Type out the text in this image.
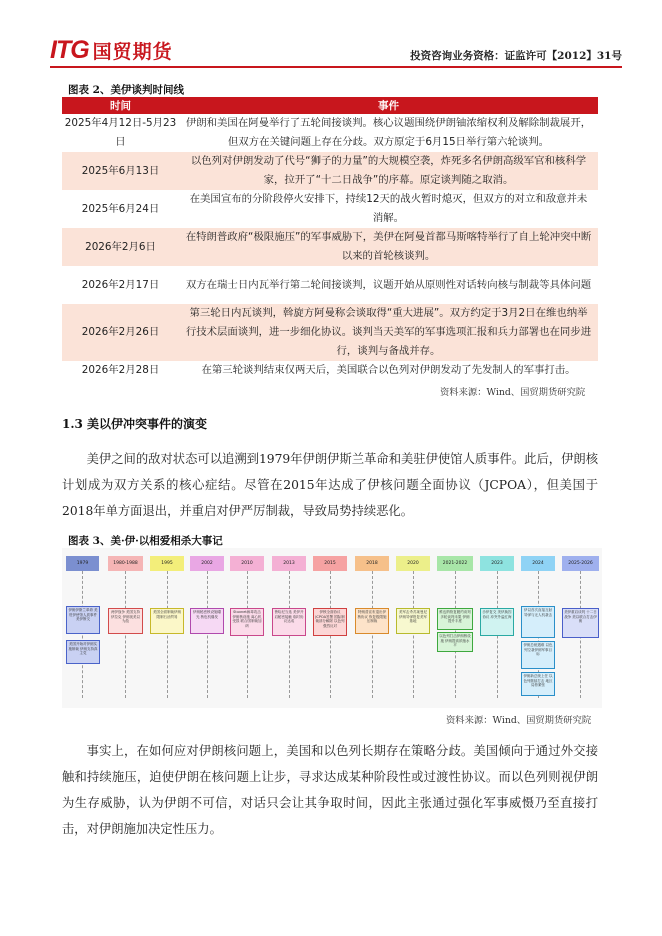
ITG 国贸期货	投资咨询业务资格：证监许可【2012】31号
图表 2、美伊谈判时间线
时间	事件
2025年4月12日-5月23日	伊朗和美国在阿曼举行了五轮间接谈判。核心议题围绕伊朗铀浓缩权利及解除制裁展开，但双方在关键问题上存在分歧。双方原定于6月15日举行第六轮谈判。
2025年6月13日	以色列对伊朗发动了代号“狮子的力量”的大规模空袭，炸死多名伊朗高级军官和核科学家，拉开了“十二日战争”的序幕。原定谈判随之取消。
2025年6月24日	在美国宣布的分阶段停火安排下，持续12天的战火暂时熄灭，但双方的对立和敌意并未消解。
2026年2月6日	在特朗普政府“极限施压”的军事威胁下，美伊在阿曼首都马斯喀特举行了自上轮冲突中断以来的首轮核谈判。
2026年2月17日	双方在瑞士日内瓦举行第二轮间接谈判，议题开始从原则性对话转向核与制裁等具体问题
2026年2月26日	第三轮日内瓦谈判，斡旋方阿曼称会谈取得“重大进展”。双方约定于3月2日在维也纳举行技术层面谈判，进一步细化协议。谈判当天美军的军事选项汇报和兵力部署也在同步进行，谈判与备战并存。
2026年2月28日	在第三轮谈判结束仅两天后，美国联合以色列对伊朗发动了先发制人的军事打击。
资料来源：Wind、国贸期货研究院
1.3 美以伊冲突事件的演变
美伊之间的敌对状态可以追溯到1979年伊朗伊斯兰革命和美驻伊使馆人质事件。此后，伊朗核计划成为双方关系的核心症结。尽管在2015年达成了伊核问题全面协议（JCPOA），但美国于2018年单方面退出，并重启对伊严厉制裁，导致局势持续恶化。
图表 3、美·伊·以相爱相杀大事记
1979	1980-1988	1995	2002	2010	2013	2015	2018	2020	2021-2022	2023	2024	2025-2026
伊朗伊斯兰革命 美驻伊使馆人质事件 美伊断交
美国开始对伊朗实施制裁 伊朗支持真主党
两伊战争 美国支持伊拉克 伊朗视美以为敌
美国全面制裁伊朗 限制石油贸易
伊朗秘密核设施曝光 核危机爆发
Stuxnet病毒攻击伊朗核设施 离心机受损 联合国制裁加码
鲁哈尼当选 美伊开启秘密接触 临时协议达成
伊核全面协议JCPOA签署 国际制裁部分解除 以色列强烈反对
特朗普宣布退出伊核协议 恢复极限施压制裁
美军击杀苏莱曼尼 伊朗导弹报复美军基地
维也纳恢复履约谈判 多轮谈判未果 伊朗提升丰度
以色列打击伊朗核设施 伊朗提高浓缩水平
沙伊复交 美伊换囚协议 冲突外溢红海
伊以首次直接互射 导弹与无人机袭击
伊朗总统遇难 以色列空袭伊朗军事目标
伊朗新总统上任 以色列继续打击 地区局势紧张
美伊重启谈判 十二日战争 美以联合打击伊朗
资料来源：Wind、国贸期货研究院
事实上，在如何应对伊朗核问题上，美国和以色列长期存在策略分歧。美国倾向于通过外交接触和持续施压，迫使伊朗在核问题上让步，寻求达成某种阶段性或过渡性协议。而以色列则视伊朗为生存威胁，认为伊朗不可信，对话只会让其争取时间，因此主张通过强化军事威慑乃至直接打击，对伊朗施加决定性压力。
